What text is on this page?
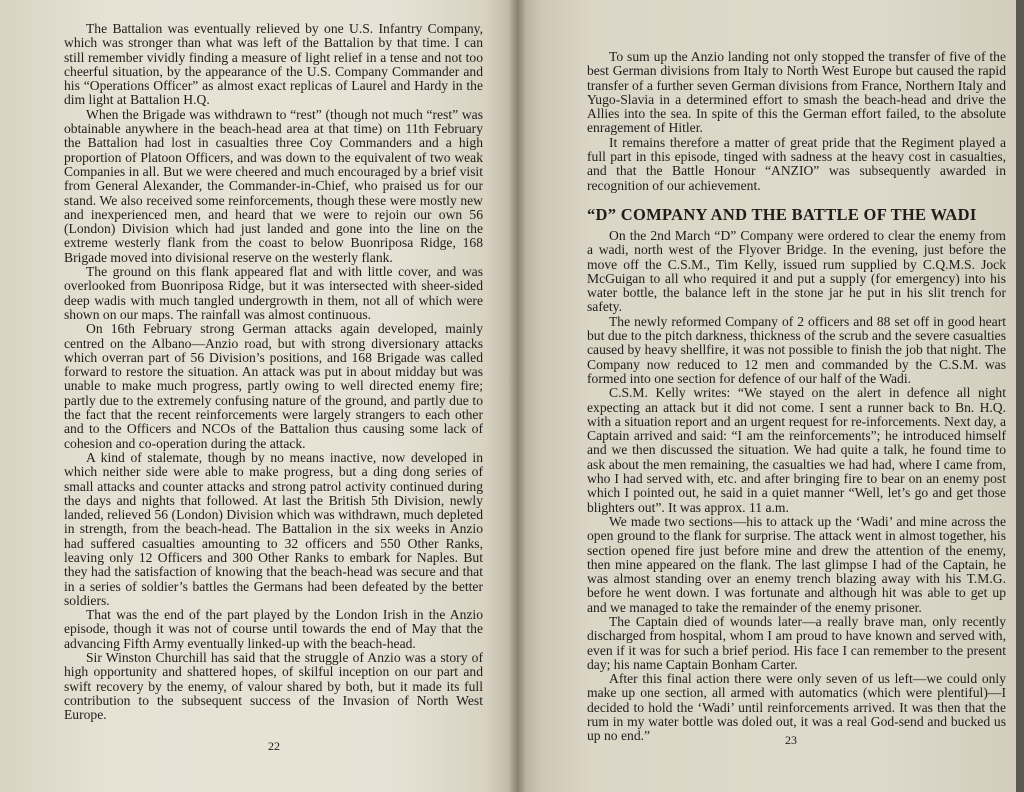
The Battalion was eventually relieved by one U.S. Infantry Company, which was stronger than what was left of the Battalion by that time. I can still remember vividly finding a measure of light relief in a tense and not too cheerful situation, by the appearance of the U.S. Company Commander and his “Operations Officer” as almost exact replicas of Laurel and Hardy in the dim light at Battalion H.Q.

When the Brigade was withdrawn to “rest” (though not much “rest” was obtainable anywhere in the beach-head area at that time) on 11th February the Battalion had lost in casualties three Coy Commanders and a high proportion of Platoon Officers, and was down to the equivalent of two weak Companies in all. But we were cheered and much encouraged by a brief visit from General Alexander, the Commander-in-Chief, who praised us for our stand. We also received some reinforcements, though these were mostly new and inexperienced men, and heard that we were to rejoin our own 56 (London) Division which had just landed and gone into the line on the extreme westerly flank from the coast to below Buonriposa Ridge, 168 Brigade moved into divisional reserve on the westerly flank.

The ground on this flank appeared flat and with little cover, and was overlooked from Buonriposa Ridge, but it was intersected with sheer-sided deep wadis with much tangled undergrowth in them, not all of which were shown on our maps. The rainfall was almost continuous.

On 16th February strong German attacks again developed, mainly centred on the Albano—Anzio road, but with strong diversionary attacks which overran part of 56 Division’s positions, and 168 Brigade was called forward to restore the situation. An attack was put in about midday but was unable to make much progress, partly owing to well directed enemy fire; partly due to the extremely confusing nature of the ground, and partly due to the fact that the recent reinforcements were largely strangers to each other and to the Officers and NCOs of the Battalion thus causing some lack of cohesion and co-operation during the attack.

A kind of stalemate, though by no means inactive, now developed in which neither side were able to make progress, but a ding dong series of small attacks and counter attacks and strong patrol activity continued during the days and nights that followed. At last the British 5th Division, newly landed, relieved 56 (London) Division which was withdrawn, much depleted in strength, from the beach-head. The Battalion in the six weeks in Anzio had suffered casualties amounting to 32 officers and 550 Other Ranks, leaving only 12 Officers and 300 Other Ranks to embark for Naples. But they had the satisfaction of knowing that the beach-head was secure and that in a series of soldier’s battles the Germans had been defeated by the better soldiers.

That was the end of the part played by the London Irish in the Anzio episode, though it was not of course until towards the end of May that the advancing Fifth Army eventually linked-up with the beach-head.

Sir Winston Churchill has said that the struggle of Anzio was a story of high opportunity and shattered hopes, of skilful inception on our part and swift recovery by the enemy, of valour shared by both, but it made its full contribution to the subsequent success of the Invasion of North West Europe.

22

To sum up the Anzio landing not only stopped the transfer of five of the best German divisions from Italy to North West Europe but caused the rapid transfer of a further seven German divisions from France, Northern Italy and Yugo-Slavia in a determined effort to smash the beach-head and drive the Allies into the sea. In spite of this the German effort failed, to the absolute enragement of Hitler.

It remains therefore a matter of great pride that the Regiment played a full part in this episode, tinged with sadness at the heavy cost in casualties, and that the Battle Honour “ANZIO” was subsequently awarded in recognition of our achievement.

“D” COMPANY AND THE BATTLE OF THE WADI

On the 2nd March “D” Company were ordered to clear the enemy from a wadi, north west of the Flyover Bridge. In the evening, just before the move off the C.S.M., Tim Kelly, issued rum supplied by C.Q.M.S. Jock McGuigan to all who required it and put a supply (for emergency) into his water bottle, the balance left in the stone jar he put in his slit trench for safety.

The newly reformed Company of 2 officers and 88 set off in good heart but due to the pitch darkness, thickness of the scrub and the severe casualties caused by heavy shellfire, it was not possible to finish the job that night. The Company now reduced to 12 men and commanded by the C.S.M. was formed into one section for defence of our half of the Wadi.

C.S.M. Kelly writes: “We stayed on the alert in defence all night expecting an attack but it did not come. I sent a runner back to Bn. H.Q. with a situation report and an urgent request for re-inforcements. Next day, a Captain arrived and said: “I am the reinforcements”; he introduced himself and we then discussed the situation. We had quite a talk, he found time to ask about the men remaining, the casualties we had had, where I came from, who I had served with, etc. and after bringing fire to bear on an enemy post which I pointed out, he said in a quiet manner “Well, let’s go and get those blighters out”. It was approx. 11 a.m.

We made two sections—his to attack up the ‘Wadi’ and mine across the open ground to the flank for surprise. The attack went in almost together, his section opened fire just before mine and drew the attention of the enemy, then mine appeared on the flank. The last glimpse I had of the Captain, he was almost standing over an enemy trench blazing away with his T.M.G. before he went down. I was fortunate and although hit was able to get up and we managed to take the remainder of the enemy prisoner.

The Captain died of wounds later—a really brave man, only recently discharged from hospital, whom I am proud to have known and served with, even if it was for such a brief period. His face I can remember to the present day; his name Captain Bonham Carter.

After this final action there were only seven of us left—we could only make up one section, all armed with automatics (which were plentiful)—I decided to hold the ‘Wadi’ until reinforcements arrived. It was then that the rum in my water bottle was doled out, it was a real God-send and bucked us up no end.”	23
